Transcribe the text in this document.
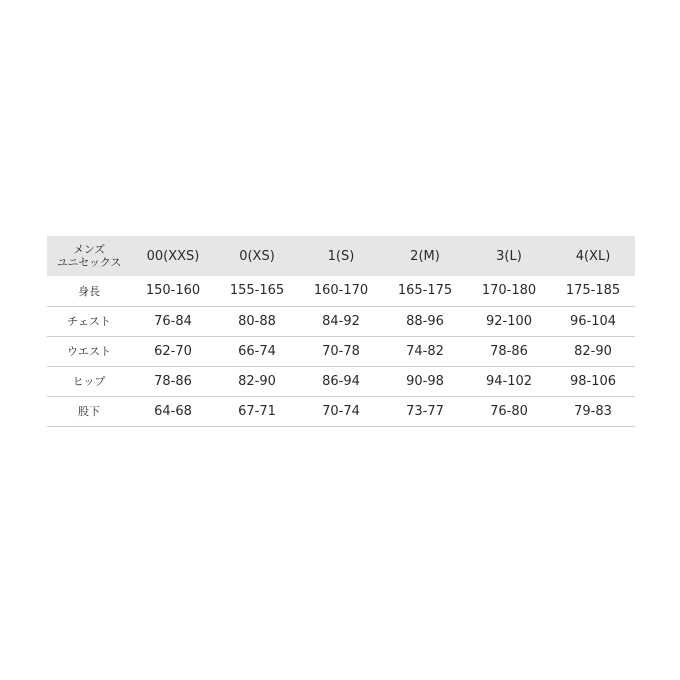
メンズ
ユニセックス	00(XXS)	0(XS)	1(S)	2(M)	3(L)	4(XL)
身長	150-160	155-165	160-170	165-175	170-180	175-185
チェスト	76-84	80-88	84-92	88-96	92-100	96-104
ウエスト	62-70	66-74	70-78	74-82	78-86	82-90
ヒップ	78-86	82-90	86-94	90-98	94-102	98-106
股下	64-68	67-71	70-74	73-77	76-80	79-83
